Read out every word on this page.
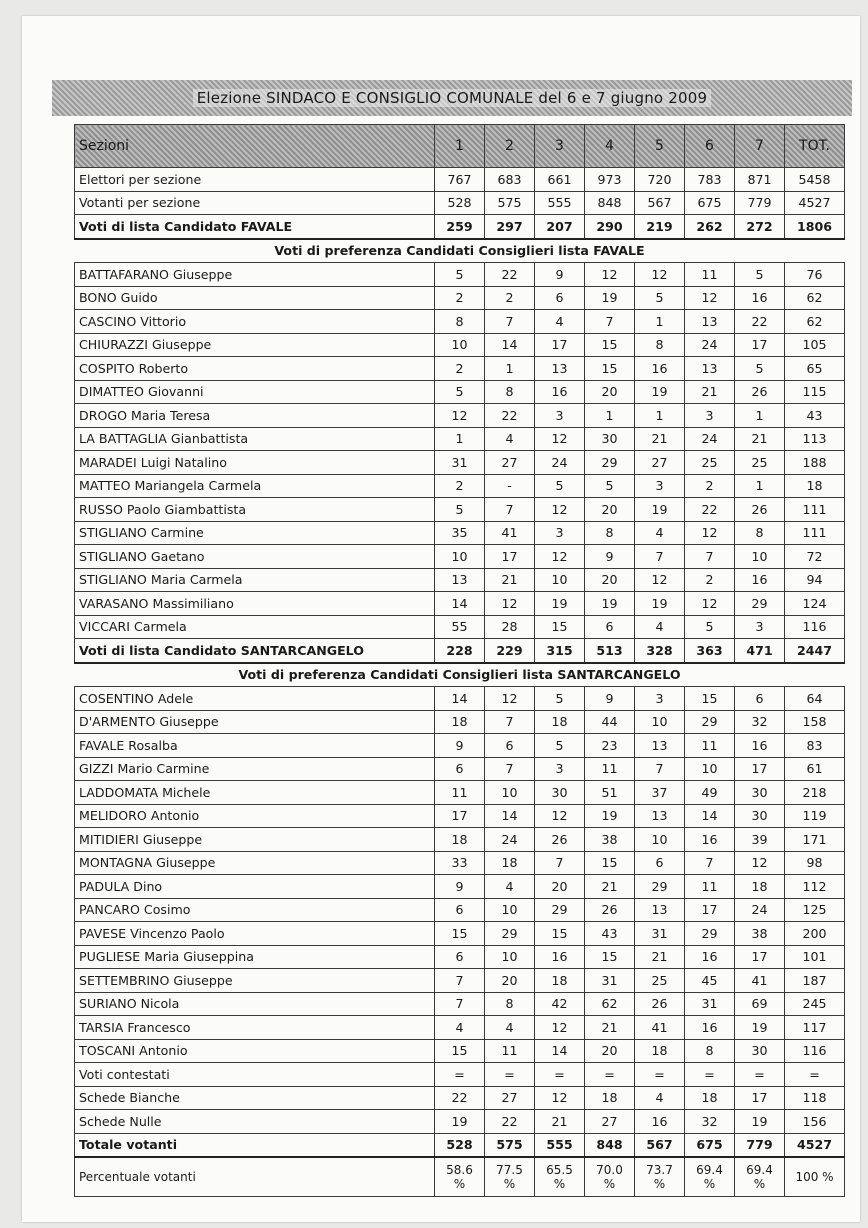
Elezione SINDACO E CONSIGLIO COMUNALE del 6 e 7 giugno 2009
Sezioni	1	2	3	4	5	6	7	TOT.
Elettori per sezione	767	683	661	973	720	783	871	5458
Votanti per sezione	528	575	555	848	567	675	779	4527
Voti di lista Candidato FAVALE	259	297	207	290	219	262	272	1806
Voti di preferenza Candidati Consiglieri lista FAVALE								
BATTAFARANO Giuseppe	5	22	9	12	12	11	5	76
BONO Guido	2	2	6	19	5	12	16	62
CASCINO Vittorio	8	7	4	7	1	13	22	62
CHIURAZZI Giuseppe	10	14	17	15	8	24	17	105
COSPITO Roberto	2	1	13	15	16	13	5	65
DIMATTEO Giovanni	5	8	16	20	19	21	26	115
DROGO Maria Teresa	12	22	3	1	1	3	1	43
LA BATTAGLIA Gianbattista	1	4	12	30	21	24	21	113
MARADEI Luigi Natalino	31	27	24	29	27	25	25	188
MATTEO Mariangela Carmela	2	-	5	5	3	2	1	18
RUSSO Paolo Giambattista	5	7	12	20	19	22	26	111
STIGLIANO Carmine	35	41	3	8	4	12	8	111
STIGLIANO Gaetano	10	17	12	9	7	7	10	72
STIGLIANO Maria Carmela	13	21	10	20	12	2	16	94
VARASANO Massimiliano	14	12	19	19	19	12	29	124
VICCARI Carmela	55	28	15	6	4	5	3	116
Voti di lista Candidato SANTARCANGELO	228	229	315	513	328	363	471	2447
Voti di preferenza Candidati Consiglieri lista SANTARCANGELO								
COSENTINO Adele	14	12	5	9	3	15	6	64
D'ARMENTO Giuseppe	18	7	18	44	10	29	32	158
FAVALE Rosalba	9	6	5	23	13	11	16	83
GIZZI Mario Carmine	6	7	3	11	7	10	17	61
LADDOMATA Michele	11	10	30	51	37	49	30	218
MELIDORO Antonio	17	14	12	19	13	14	30	119
MITIDIERI Giuseppe	18	24	26	38	10	16	39	171
MONTAGNA Giuseppe	33	18	7	15	6	7	12	98
PADULA Dino	9	4	20	21	29	11	18	112
PANCARO Cosimo	6	10	29	26	13	17	24	125
PAVESE Vincenzo Paolo	15	29	15	43	31	29	38	200
PUGLIESE Maria Giuseppina	6	10	16	15	21	16	17	101
SETTEMBRINO Giuseppe	7	20	18	31	25	45	41	187
SURIANO Nicola	7	8	42	62	26	31	69	245
TARSIA Francesco	4	4	12	21	41	16	19	117
TOSCANI Antonio	15	11	14	20	18	8	30	116
Voti contestati	=	=	=	=	=	=	=	=
Schede Bianche	22	27	12	18	4	18	17	118
Schede Nulle	19	22	21	27	16	32	19	156
Totale votanti	528	575	555	848	567	675	779	4527
Percentuale votanti	58.6 %	77.5 %	65.5 %	70.0 %	73.7 %	69.4 %	69.4 %	100 %
